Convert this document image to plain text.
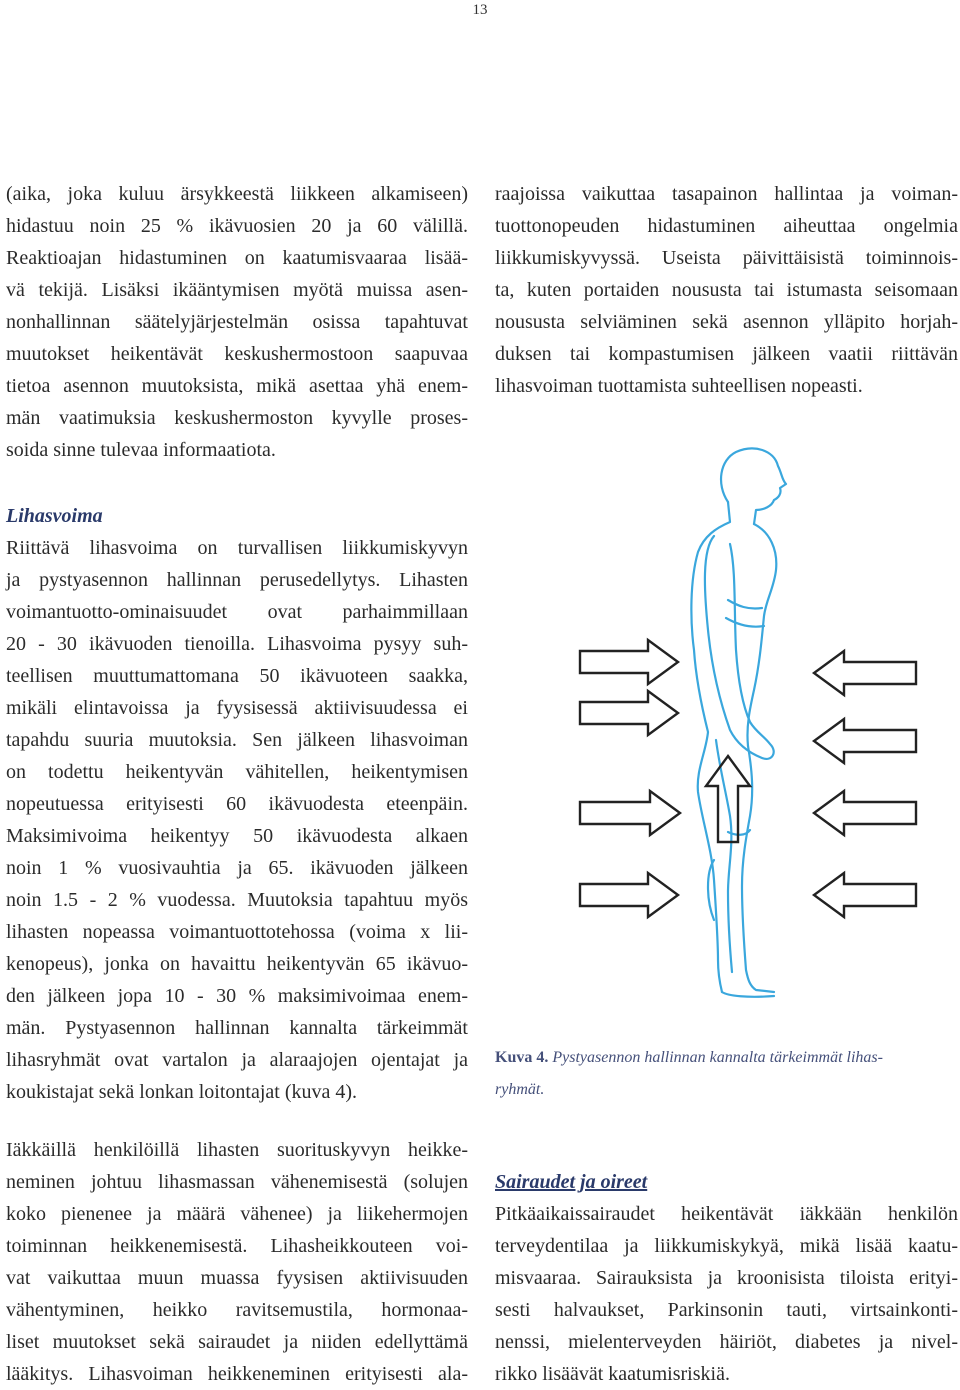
13
(aika, joka kuluu ärsykkeestä liikkeen alkamiseen)
hidastuu noin 25 % ikävuosien 20 ja 60 välillä.
Reaktioajan hidastuminen on kaatumisvaaraa lisää-
vä tekijä. Lisäksi ikääntymisen myötä muissa asen-
nonhallinnan säätelyjärjestelmän osissa tapahtuvat
muutokset heikentävät keskushermostoon saapuvaa
tietoa asennon muutoksista, mikä asettaa yhä enem-
män vaatimuksia keskushermoston kyvylle proses-
soida sinne tulevaa informaatiota.

Lihasvoima

Riittävä lihasvoima on turvallisen liikkumiskyvyn
ja pystyasennon hallinnan perusedellytys. Lihasten
voimantuotto-ominaisuudet ovat parhaimmillaan
20 - 30 ikävuoden tienoilla. Lihasvoima pysyy suh-
teellisen muuttumattomana 50 ikävuoteen saakka,
mikäli elintavoissa ja fyysisessä aktiivisuudessa ei
tapahdu suuria muutoksia. Sen jälkeen lihasvoiman
on todettu heikentyvän vähitellen, heikentymisen
nopeutuessa erityisesti 60 ikävuodesta eteenpäin.
Maksimivoima heikentyy 50 ikävuodesta alkaen
noin 1 % vuosivauhtia ja 65. ikävuoden jälkeen
noin 1.5 - 2 % vuodessa. Muutoksia tapahtuu myös
lihasten nopeassa voimantuottotehossa (voima x lii-
kenopeus), jonka on havaittu heikentyvän 65 ikävuo-
den jälkeen jopa 10 - 30 % maksimivoimaa enem-
män. Pystyasennon hallinnan kannalta tärkeimmät
lihasryhmät ovat vartalon ja alaraajojen ojentajat ja
koukistajat sekä lonkan loitontajat (kuva 4).
Iäkkäillä henkilöillä lihasten suorituskyvyn heikke-
neminen johtuu lihasmassan vähenemisestä (solujen
koko pienenee ja määrä vähenee) ja liikehermojen
toiminnan heikkenemisestä. Lihasheikkouteen voi-
vat vaikuttaa muun muassa fyysisen aktiivisuuden
vähentyminen, heikko ravitsemustila, hormonaa-
liset muutokset sekä sairaudet ja niiden edellyttämä
lääkitys. Lihasvoiman heikkeneminen erityisesti ala-
raajoissa vaikuttaa tasapainon hallintaa ja voiman-
tuottonopeuden hidastuminen aiheuttaa ongelmia
liikkumiskyvyssä. Useista päivittäisistä toiminnois-
ta, kuten portaiden noususta tai istumasta seisomaan
noususta selviäminen sekä asennon ylläpito horjah-
duksen tai kompastumisen jälkeen vaatii riittävän
lihasvoiman tuottamista suhteellisen nopeasti.
Kuva 4. Pystyasennon hallinnan kannalta tärkeimmät lihas-
ryhmät.

Sairaudet ja oireet

Pitkäaikaissairaudet heikentävät iäkkään henkilön
terveydentilaa ja liikkumiskykyä, mikä lisää kaatu-
misvaaraa. Sairauksista ja kroonisista tiloista erityi-
sesti halvaukset, Parkinsonin tauti, virtsainkonti-
nenssi, mielenterveyden häiriöt, diabetes ja nivel-
rikko lisäävät kaatumisriskiä.
